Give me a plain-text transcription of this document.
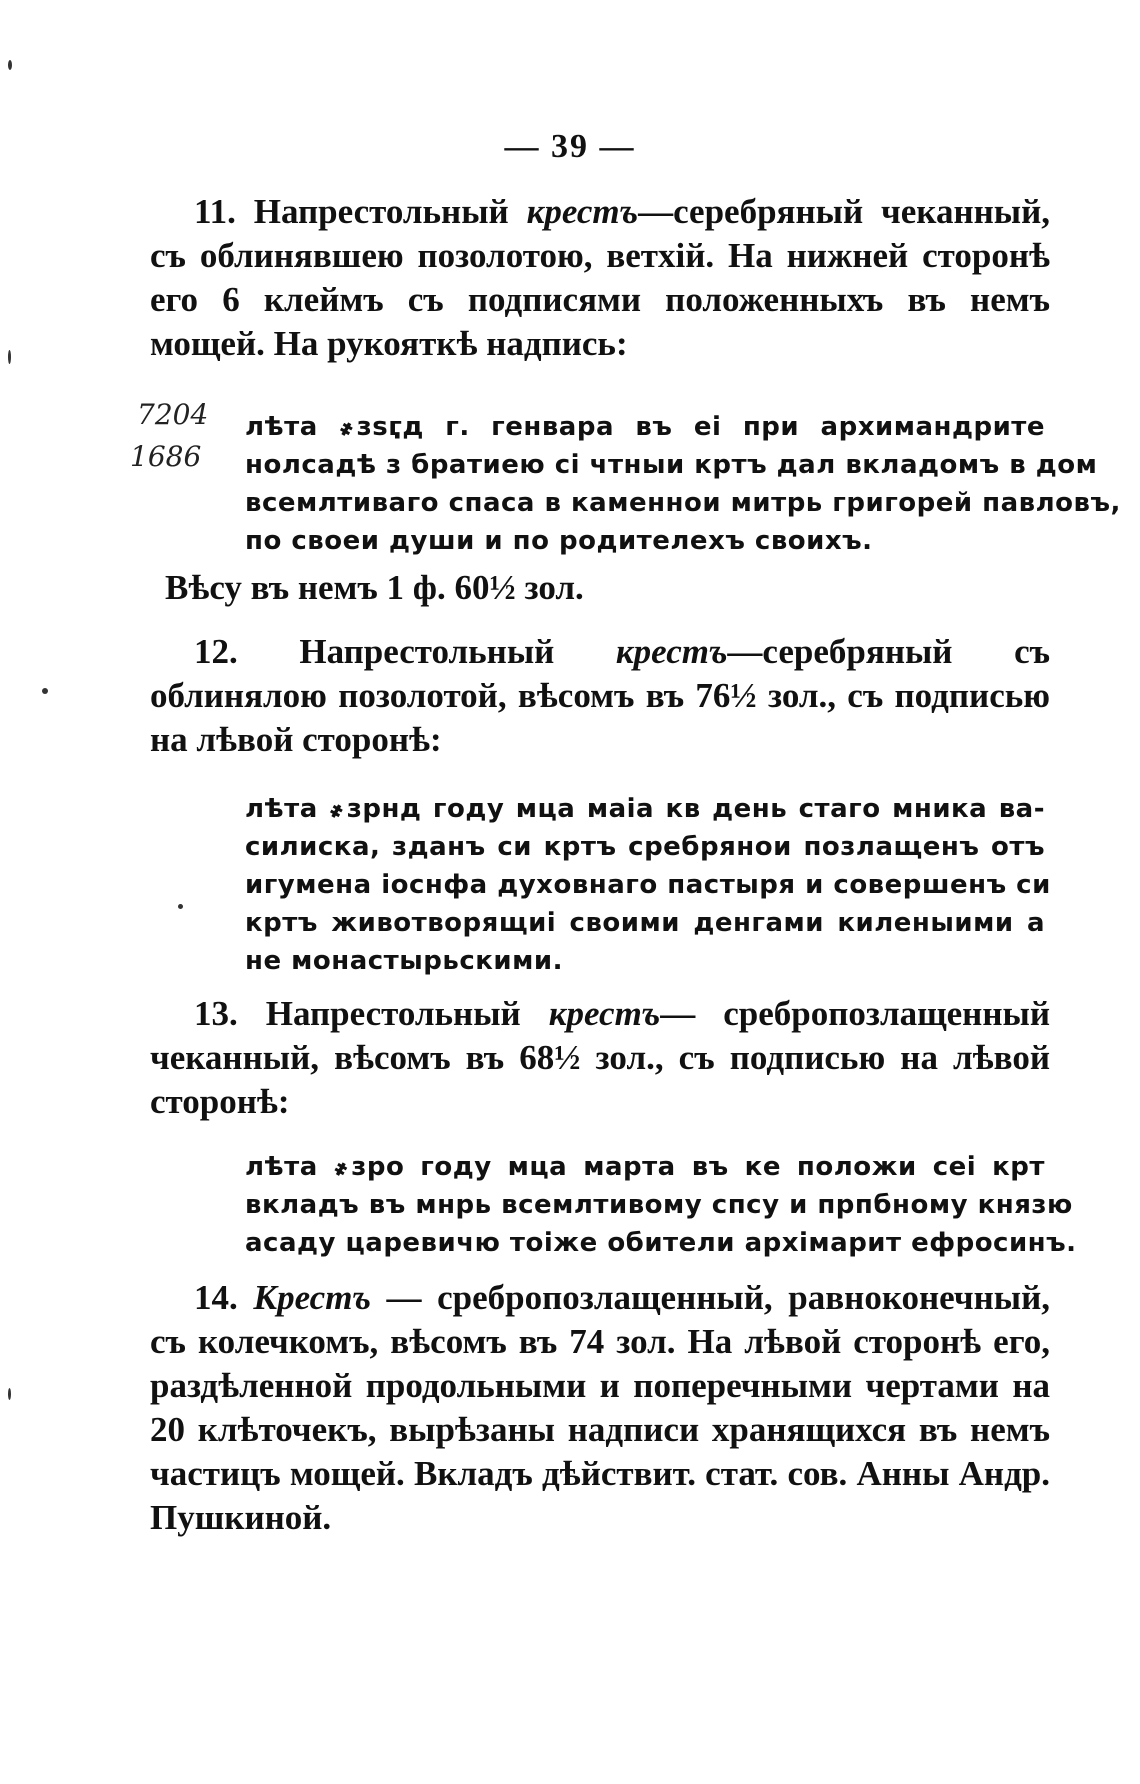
— 39 —
11. Напрестольный крестъ—серебряный чеканный, съ облинявшею позолотою, ветхій. На нижней сторонѣ его 6 клеймъ съ подписями положенныхъ въ немъ мощей. На рукояткѣ надпись:
7204
1686
лѣта ҂зѕӷд г. генвара въ еі при архимандрите
нолсадѣ з братиею сі чтныи кртъ дал вкладомъ в дом
всемлтиваго спаса в каменнои митрь григорей павловъ,
по своеи души и по родителехъ своихъ.
Вѣсу въ немъ 1 ф. 60½ зол.
12. Напрестольный крестъ—серебряный съ облинялою позолотой, вѣсомъ въ 76½ зол., съ подписью на лѣвой сторонѣ:
лѣта ҂зрнд году мца маіа кв день стаго мника ва-
силиска, зданъ си кртъ сребрянои позлащенъ отъ
игумена іоснфа духовнаго пастыря и совершенъ си
кртъ животворящиі своими денгами киленыими а
не монастырьскими.
13. Напрестольный крестъ— сребропозлащенный чеканный, вѣсомъ въ 68½ зол., съ подписью на лѣвой сторонѣ:
лѣта ҂зро году мца марта въ ке положи сеі крт
вкладъ въ мнрь всемлтивому спсу и прпбному князю
асаду царевичю тоіже обители архімарит ефросинъ.
14. Крестъ — сребропозлащенный, равноконечный, съ колечкомъ, вѣсомъ въ 74 зол. На лѣвой сторонѣ его, раздѣленной продольными и поперечными чертами на 20 клѣточекъ, вырѣзаны надписи хранящихся въ немъ частицъ мощей. Вкладъ дѣйствит. стат. сов. Анны Андр. Пушкиной.
